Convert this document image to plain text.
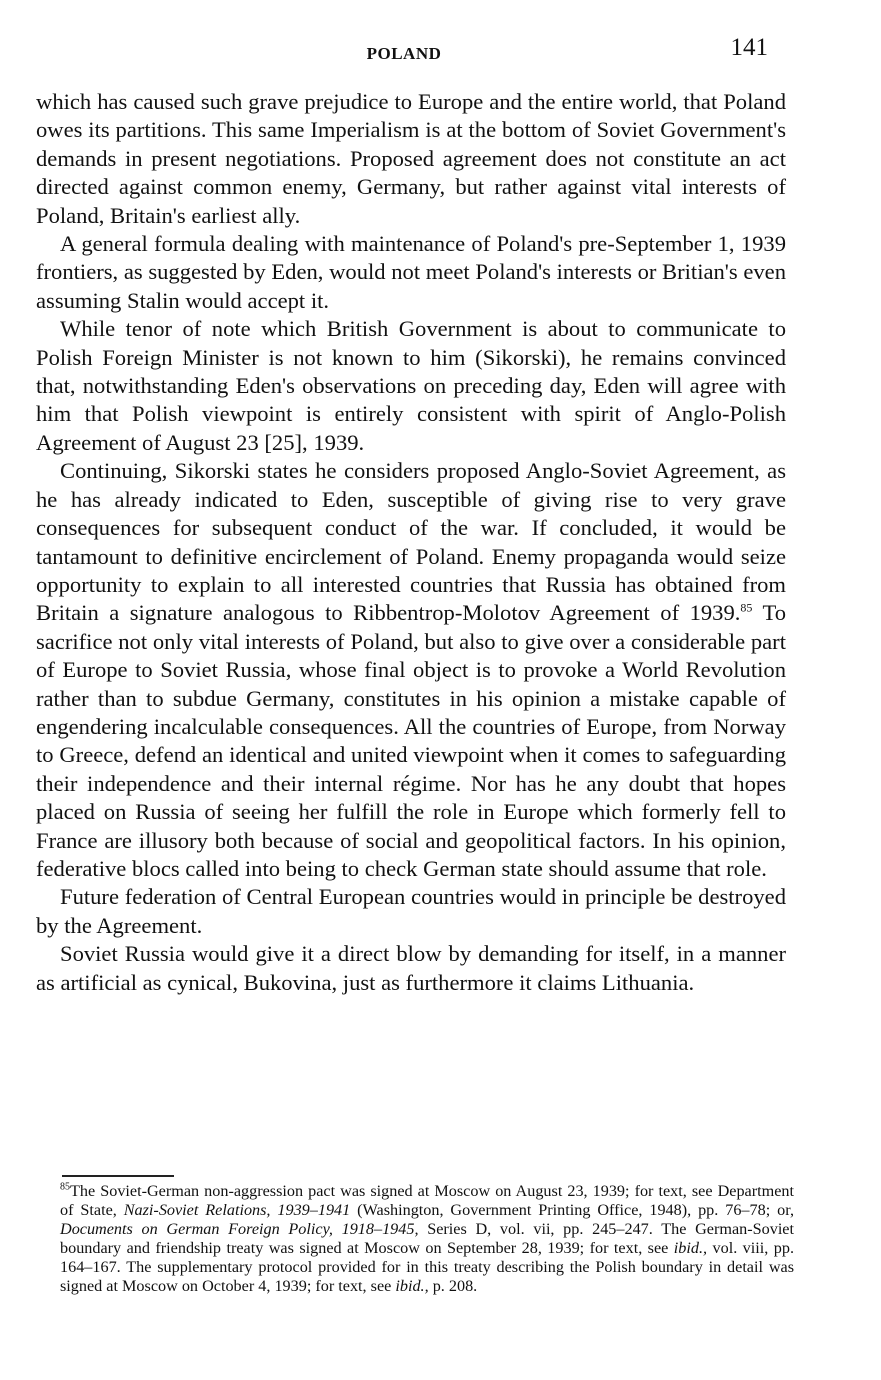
POLAND	141

which has caused such grave prejudice to Europe and the entire world, that Poland owes its partitions. This same Imperialism is at the bottom of Soviet Government's demands in present negotiations. Proposed agreement does not constitute an act directed against common enemy, Germany, but rather against vital interests of Poland, Britain's earliest ally.

A general formula dealing with maintenance of Poland's pre-September 1, 1939 frontiers, as suggested by Eden, would not meet Poland's interests or Britian's even assuming Stalin would accept it.

While tenor of note which British Government is about to communicate to Polish Foreign Minister is not known to him (Sikorski), he remains convinced that, notwithstanding Eden's observations on preceding day, Eden will agree with him that Polish viewpoint is entirely consistent with spirit of Anglo-Polish Agreement of August 23 [25], 1939.

Continuing, Sikorski states he considers proposed Anglo-Soviet Agreement, as he has already indicated to Eden, susceptible of giving rise to very grave consequences for subsequent conduct of the war. If concluded, it would be tantamount to definitive encirclement of Poland. Enemy propaganda would seize opportunity to explain to all interested countries that Russia has obtained from Britain a signature analogous to Ribbentrop-Molotov Agreement of 1939.85 To sacrifice not only vital interests of Poland, but also to give over a considerable part of Europe to Soviet Russia, whose final object is to provoke a World Revolution rather than to subdue Germany, constitutes in his opinion a mistake capable of engendering incalculable consequences. All the countries of Europe, from Norway to Greece, defend an identical and united viewpoint when it comes to safeguarding their independence and their internal régime. Nor has he any doubt that hopes placed on Russia of seeing her fulfill the role in Europe which formerly fell to France are illusory both because of social and geopolitical factors. In his opinion, federative blocs called into being to check German state should assume that role.

Future federation of Central European countries would in principle be destroyed by the Agreement.

Soviet Russia would give it a direct blow by demanding for itself, in a manner as artificial as cynical, Bukovina, just as furthermore it claims Lithuania.

$^{85}$The Soviet-German non-aggression pact was signed at Moscow on August 23, 1939; for text, see Department of State, Nazi-Soviet Relations, 1939–1941 (Washington, Government Printing Office, 1948), pp. 76–78; or, Documents on German Foreign Policy, 1918–1945, Series D, vol. vii, pp. 245–247. The German-Soviet boundary and friendship treaty was signed at Moscow on September 28, 1939; for text, see ibid., vol. viii, pp. 164–167. The supplementary protocol provided for in this treaty describing the Polish boundary in detail was signed at Moscow on October 4, 1939; for text, see ibid., p. 208.
